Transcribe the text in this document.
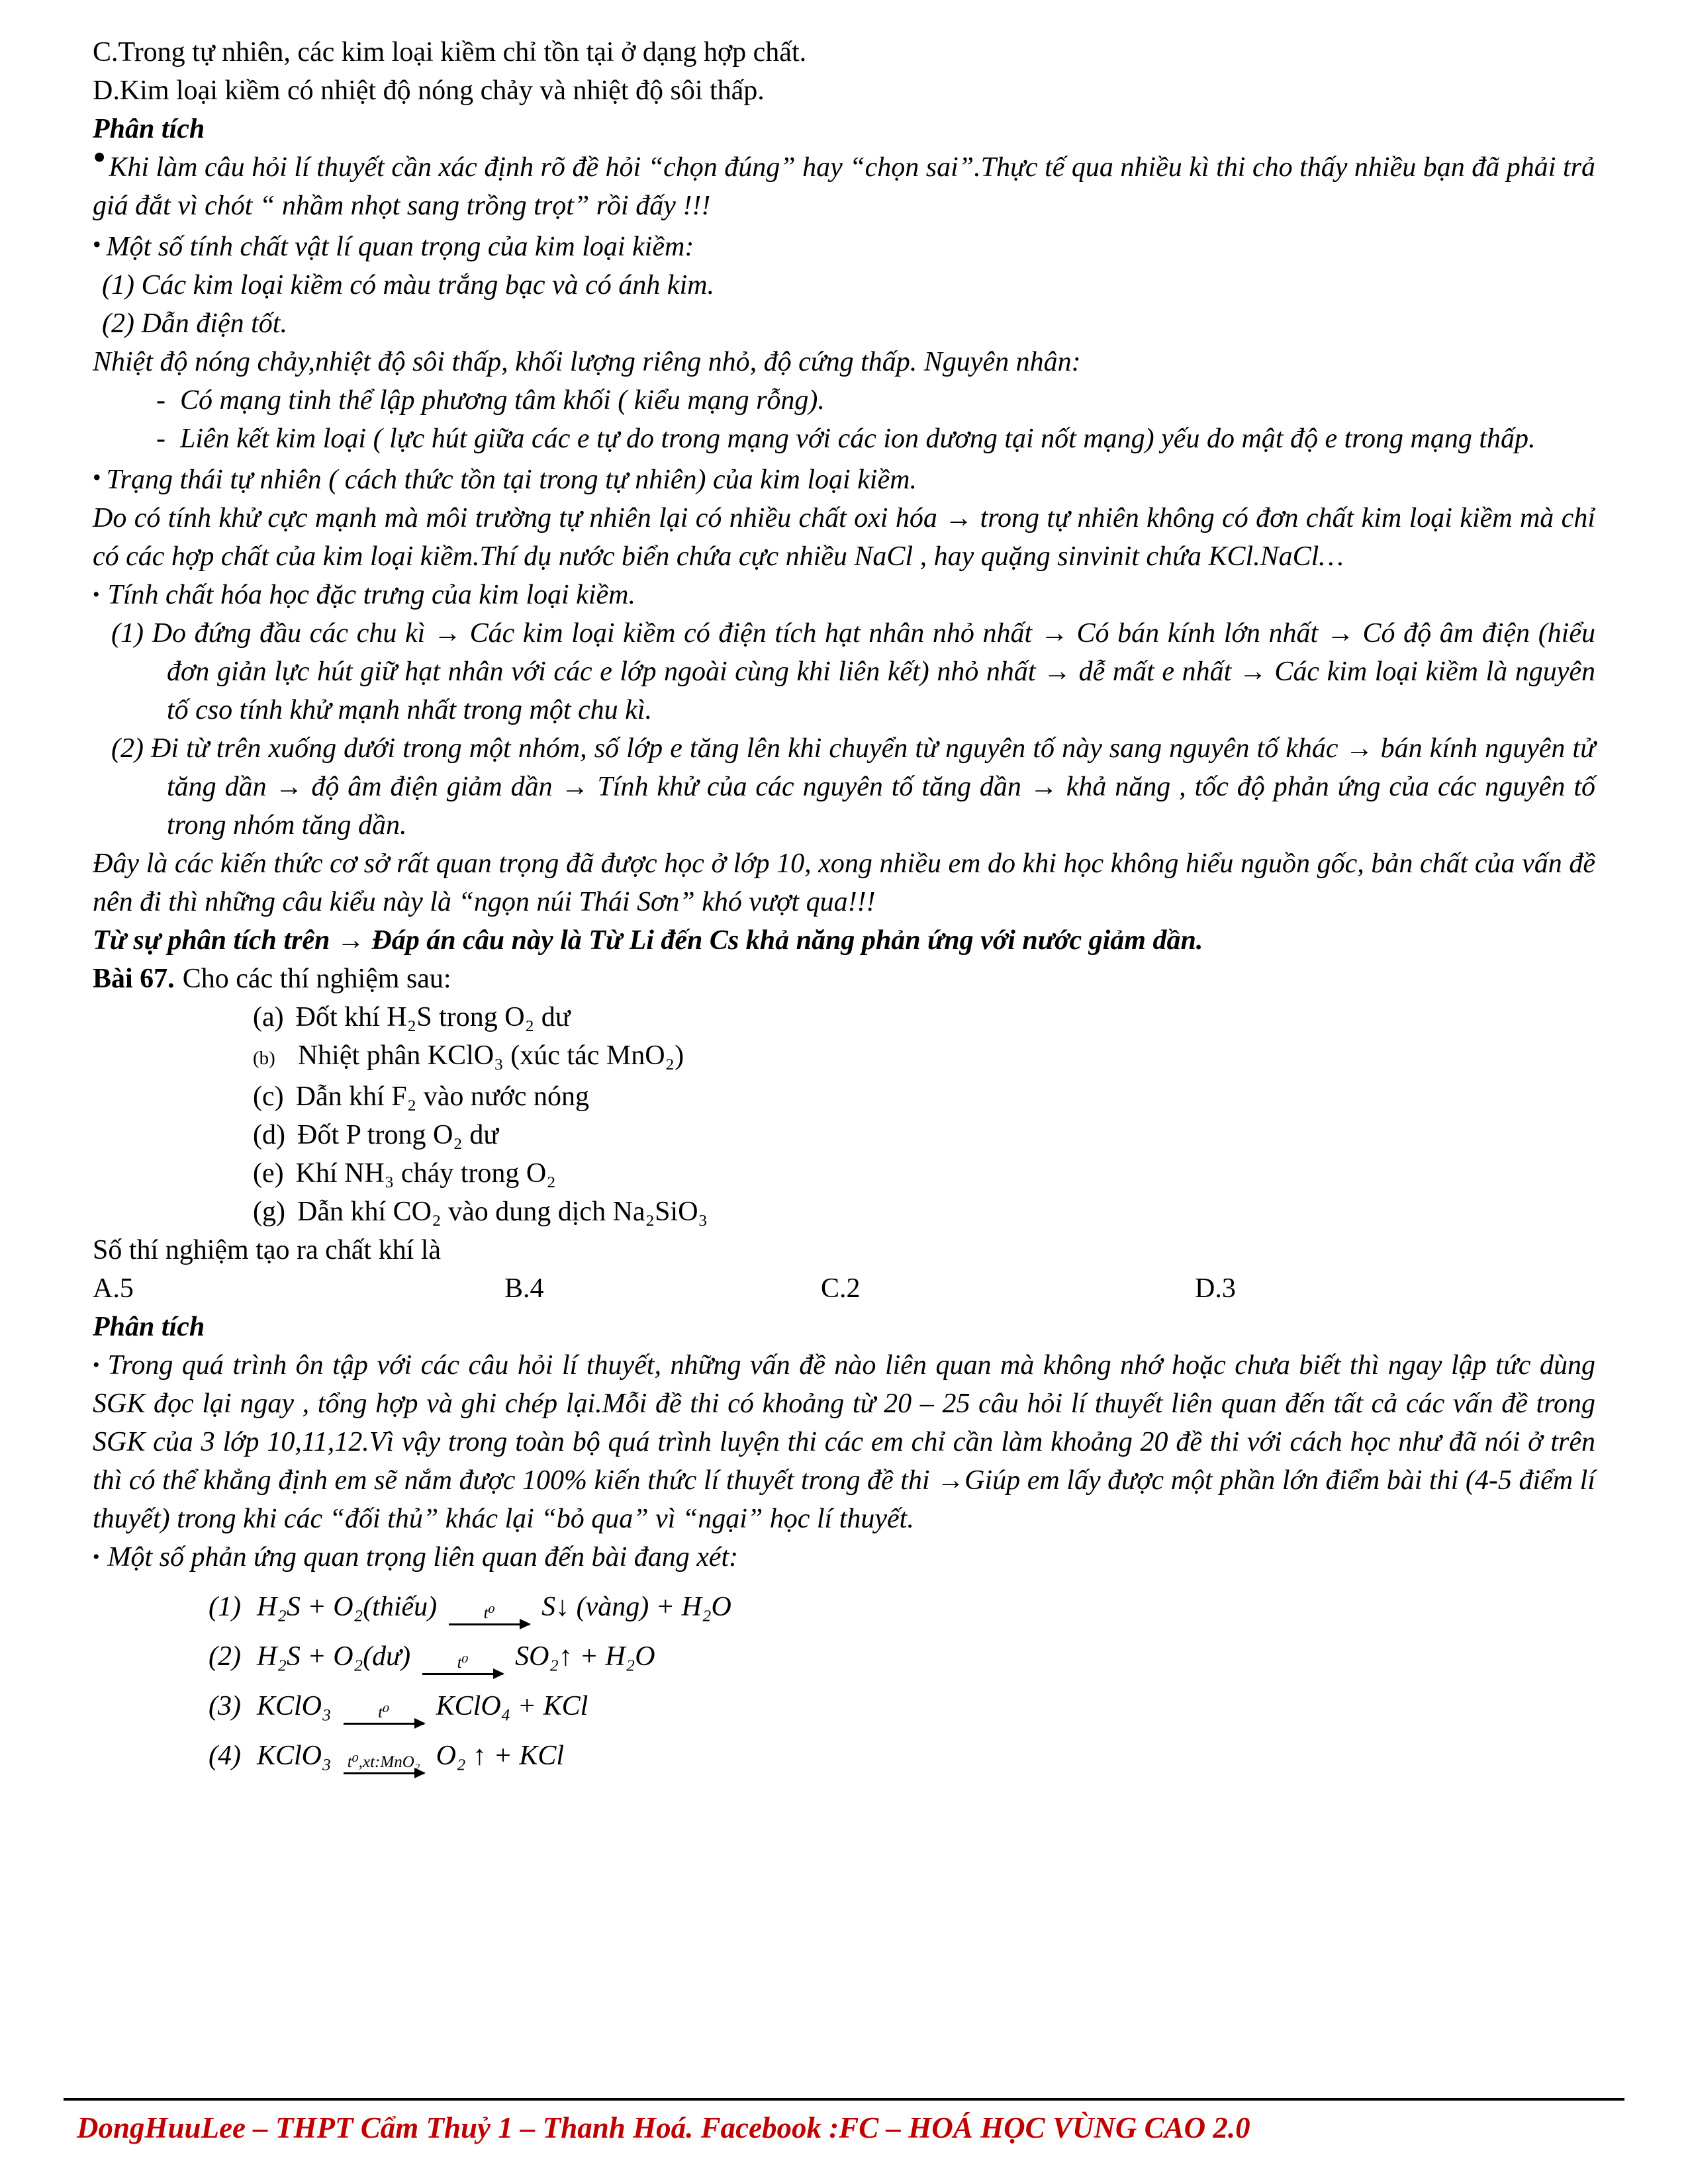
C.Trong tự nhiên, các kim loại kiềm chỉ tồn tại ở dạng hợp chất.

D.Kim loại kiềm có nhiệt độ nóng chảy và nhiệt độ sôi thấp.

Phân tích

•Khi làm câu hỏi lí thuyết cần xác định rõ đề hỏi “chọn đúng” hay “chọn sai”.Thực tế qua nhiều kì thi cho thấy nhiều bạn đã phải trả giá đắt vì chót “ nhầm nhọt sang trồng trọt” rồi đấy !!!

• Một số tính chất vật lí quan trọng của kim loại kiềm:

(1) Các kim loại kiềm có màu trắng bạc và có ánh kim.

(2) Dẫn điện tốt.

Nhiệt độ nóng chảy,nhiệt độ sôi thấp, khối lượng riêng nhỏ, độ cứng thấp. Nguyên nhân:

- Có mạng tinh thể lập phương tâm khối ( kiểu mạng rỗng).

- Liên kết kim loại ( lực hút giữa các e tự do trong mạng với các ion dương tại nốt mạng) yếu do mật độ e trong mạng thấp.

• Trạng thái tự nhiên ( cách thức tồn tại trong tự nhiên) của kim loại kiềm.

Do có tính khử cực mạnh mà môi trường tự nhiên lại có nhiều chất oxi hóa → trong tự nhiên không có đơn chất kim loại kiềm mà chỉ có các hợp chất của kim loại kiềm.Thí dụ nước biển chứa cực nhiều NaCl , hay quặng sinvinit chứa KCl.NaCl…

• Tính chất hóa học đặc trưng của kim loại kiềm.

(1) Do đứng đầu các chu kì → Các kim loại kiềm có điện tích hạt nhân nhỏ nhất → Có bán kính lớn nhất → Có độ âm điện (hiểu đơn giản lực hút giữ hạt nhân với các e lớp ngoài cùng khi liên kết) nhỏ nhất → dễ mất e nhất → Các kim loại kiềm là nguyên tố cso tính khử mạnh nhất trong một chu kì.

(2) Đi từ trên xuống dưới trong một nhóm, số lớp e tăng lên khi chuyển từ nguyên tố này sang nguyên tố khác → bán kính nguyên tử tăng dần → độ âm điện giảm dần → Tính khử của các nguyên tố tăng dần → khả năng , tốc độ phản ứng của các nguyên tố trong nhóm tăng dần.

Đây là các kiến thức cơ sở rất quan trọng đã được học ở lớp 10, xong nhiều em do khi học không hiểu nguồn gốc, bản chất của vấn đề nên đi thì những câu kiểu này là “ngọn núi Thái Sơn” khó vượt qua!!!

Từ sự phân tích trên → Đáp án câu này là Từ Li đến Cs khả năng phản ứng với nước giảm dần.

Bài 67. Cho các thí nghiệm sau:

(a) Đốt khí H₂S trong O₂ dư

(b) Nhiệt phân KClO₃ (xúc tác MnO₂)

(c) Dẫn khí F₂ vào nước nóng

(d) Đốt P trong O₂ dư

(e) Khí NH₃ cháy trong O₂

(g) Dẫn khí CO₂ vào dung dịch Na₂SiO₃

Số thí nghiệm tạo ra chất khí là

A.5	B.4	C.2	D.3

Phân tích

• Trong quá trình ôn tập với các câu hỏi lí thuyết, những vấn đề nào liên quan mà không nhớ hoặc chưa biết thì ngay lập tức dùng SGK đọc lại ngay , tổng hợp và ghi chép lại.Mỗi đề thi có khoảng từ 20 – 25 câu hỏi lí thuyết liên quan đến tất cả các vấn đề trong SGK của 3 lớp 10,11,12.Vì vậy trong toàn bộ quá trình luyện thi các em chỉ cần làm khoảng 20 đề thi với cách học như đã nói ở trên thì có thể khẳng định em sẽ nắm được 100% kiến thức lí thuyết trong đề thi →Giúp em lấy được một phần lớn điểm bài thi (4-5 điểm lí thuyết) trong khi các “đối thủ” khác lại “bỏ qua” vì “ngại” học lí thuyết.

• Một số phản ứng quan trọng liên quan đến bài đang xét:

(1) H₂S + O₂(thiếu)	t⁰ S↓ (vàng) + H₂O
(2) H₂S + O₂(dư)	t⁰ SO₂↑ + H₂O
(3) KClO₃	t⁰ KClO₄ + KCl
(4) KClO₃ t⁰,xt:MnO₂ O₂ ↑ + KCl

DongHuuLee – THPT Cẩm Thuỷ 1 – Thanh Hoá. Facebook :FC – HOÁ HỌC VÙNG CAO 2.0
